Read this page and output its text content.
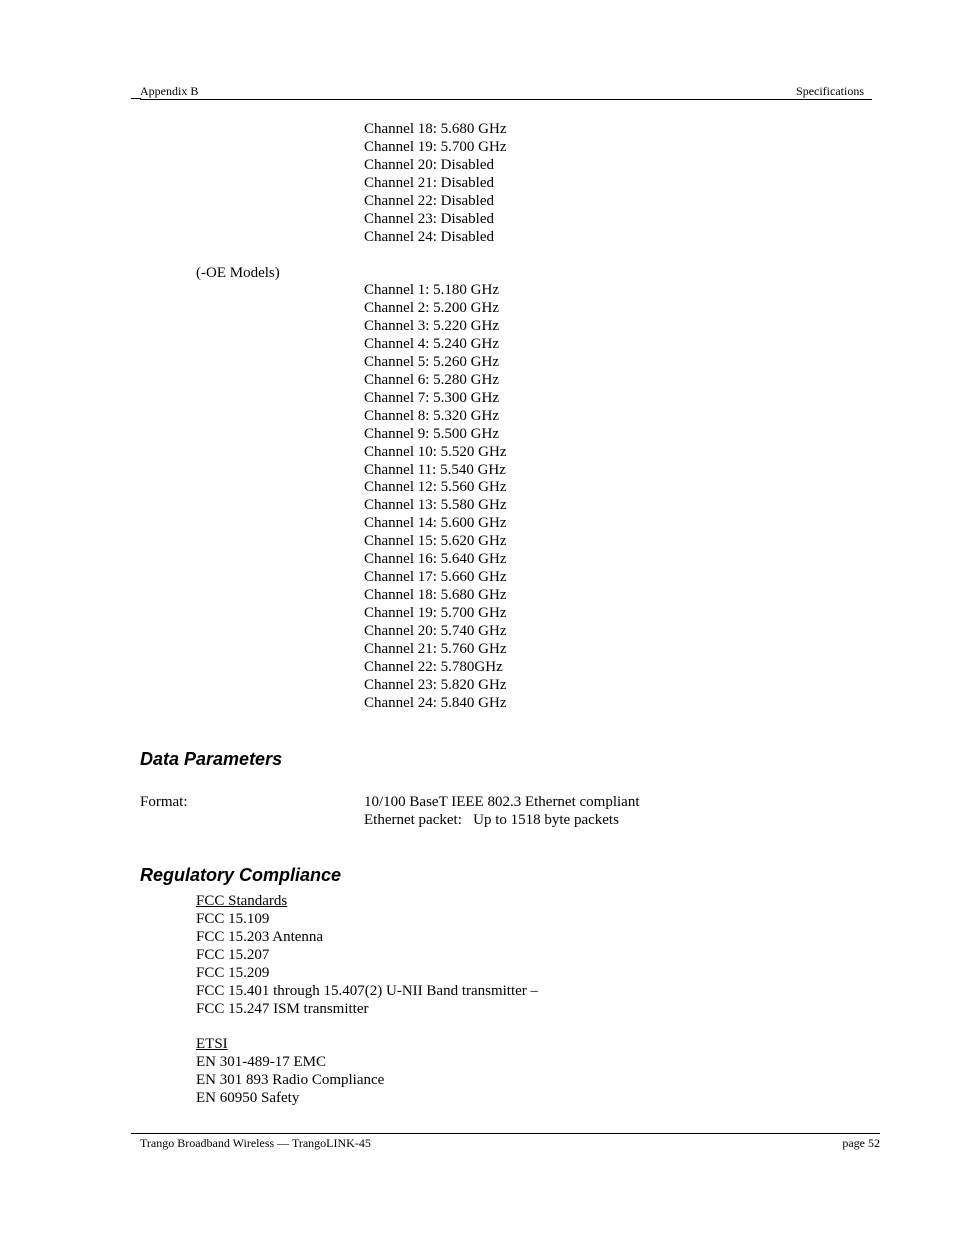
Appendix B	Specifications
Channel 18: 5.680 GHz
Channel 19: 5.700 GHz
Channel 20: Disabled
Channel 21: Disabled
Channel 22: Disabled
Channel 23: Disabled
Channel 24: Disabled
(-OE Models)
Channel 1: 5.180 GHz
Channel 2: 5.200 GHz
Channel 3: 5.220 GHz
Channel 4: 5.240 GHz
Channel 5: 5.260 GHz
Channel 6: 5.280 GHz
Channel 7: 5.300 GHz
Channel 8: 5.320 GHz
Channel 9: 5.500 GHz
Channel 10: 5.520 GHz
Channel 11: 5.540 GHz
Channel 12: 5.560 GHz
Channel 13: 5.580 GHz
Channel 14: 5.600 GHz
Channel 15: 5.620 GHz
Channel 16: 5.640 GHz
Channel 17: 5.660 GHz
Channel 18: 5.680 GHz
Channel 19: 5.700 GHz
Channel 20: 5.740 GHz
Channel 21: 5.760 GHz
Channel 22: 5.780GHz
Channel 23: 5.820 GHz
Channel 24: 5.840 GHz
Data Parameters
Format:	10/100 BaseT IEEE 802.3 Ethernet compliant
Ethernet packet:   Up to 1518 byte packets
Regulatory Compliance
FCC Standards
FCC 15.109
FCC 15.203 Antenna
FCC 15.207
FCC 15.209
FCC 15.401 through 15.407(2) U-NII Band transmitter –
FCC 15.247 ISM transmitter
ETSI
EN 301-489-17 EMC
EN 301 893 Radio Compliance
EN 60950 Safety
Trango Broadband Wireless — TrangoLINK-45	page 52
